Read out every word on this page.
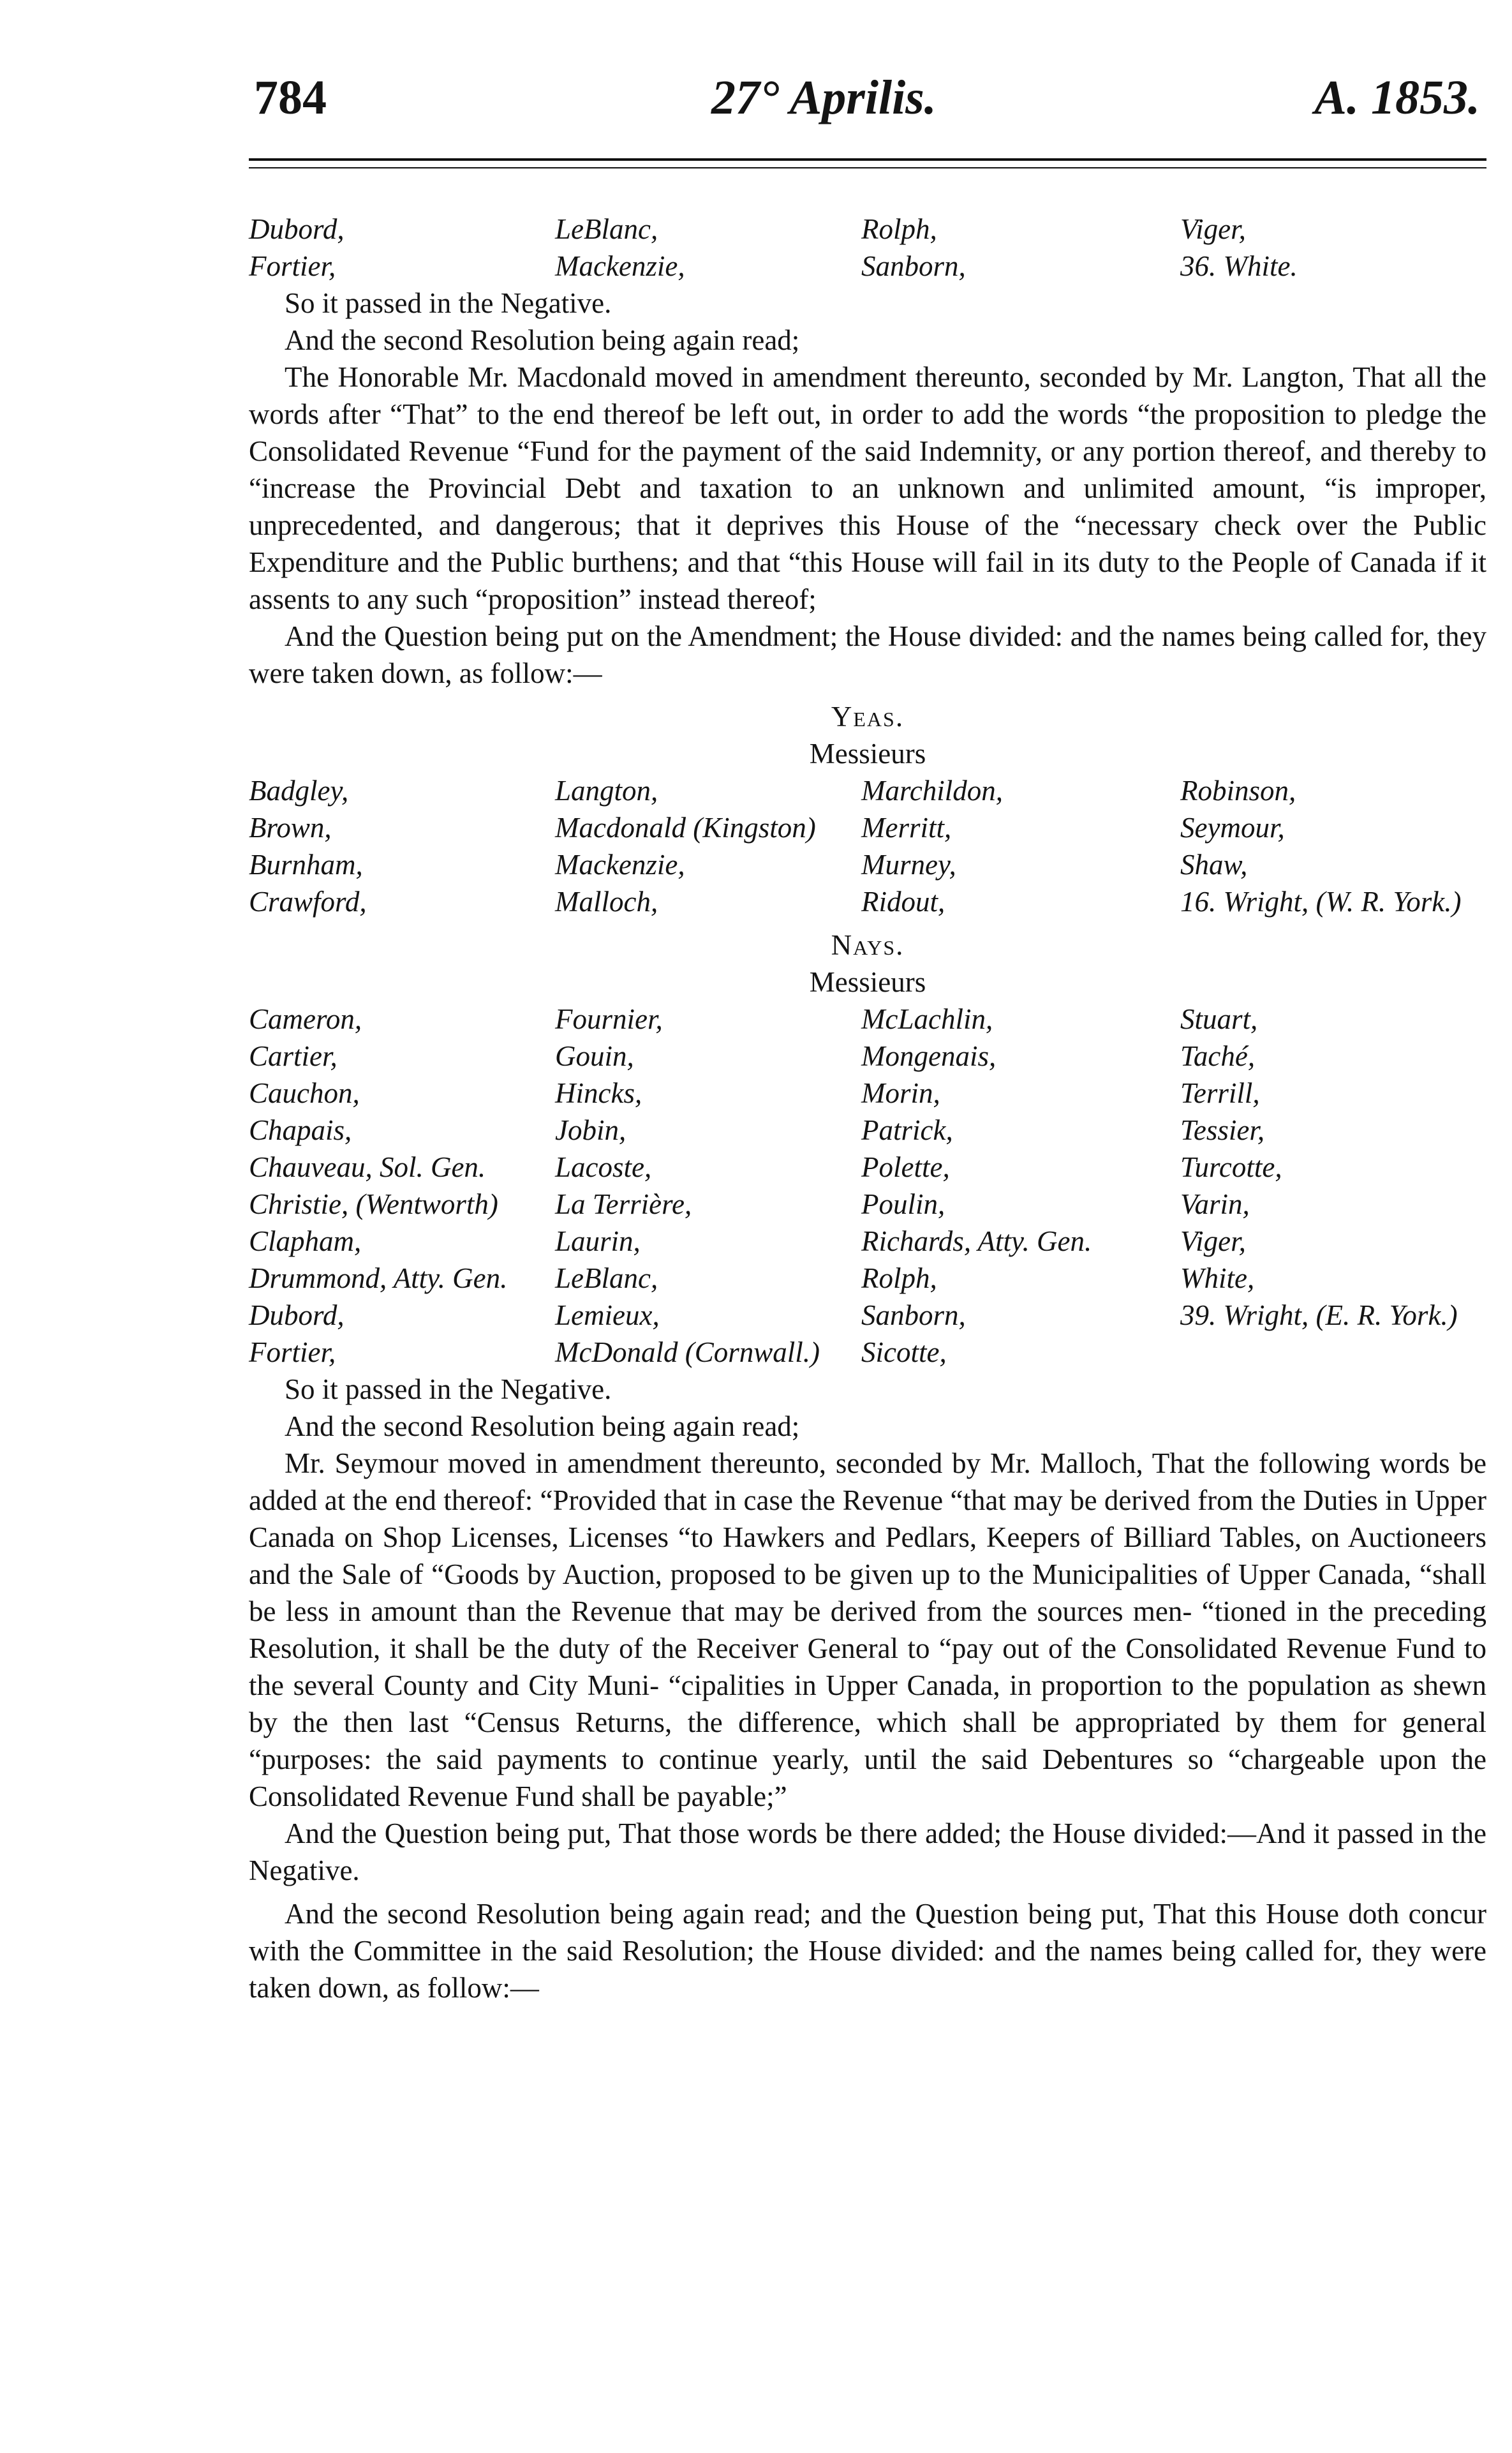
784	27° Aprilis.	A. 1853.
Dubord,	LeBlanc,	Rolph,	Viger,
Fortier,	Mackenzie,	Sanborn,	36. White.

So it passed in the Negative.

And the second Resolution being again read;

The Honorable Mr. Macdonald moved in amendment thereunto, seconded by Mr. Langton, That all the words after “That” to the end thereof be left out, in order to add the words “the proposition to pledge the Consolidated Revenue “Fund for the payment of the said Indemnity, or any portion thereof, and thereby to “increase the Provincial Debt and taxation to an unknown and unlimited amount, “is improper, unprecedented, and dangerous; that it deprives this House of the “necessary check over the Public Expenditure and the Public burthens; and that “this House will fail in its duty to the People of Canada if it assents to any such “proposition” instead thereof;

And the Question being put on the Amendment; the House divided: and the names being called for, they were taken down, as follow:—

Yeas.

Messieurs

Badgley,	Langton,	Marchildon,	Robinson,
Brown,	Macdonald (Kingston)	Merritt,	Seymour,
Burnham,	Mackenzie,	Murney,	Shaw,
Crawford,	Malloch,	Ridout,	16. Wright, (W. R. York.)

Nays.

Messieurs

Cameron,	Fournier,	McLachlin,	Stuart,
Cartier,	Gouin,	Mongenais,	Taché,
Cauchon,	Hincks,	Morin,	Terrill,
Chapais,	Jobin,	Patrick,	Tessier,
Chauveau, Sol. Gen.	Lacoste,	Polette,	Turcotte,
Christie, (Wentworth)	La Terrière,	Poulin,	Varin,
Clapham,	Laurin,	Richards, Atty. Gen.	Viger,
Drummond, Atty. Gen.	LeBlanc,	Rolph,	White,
Dubord,	Lemieux,	Sanborn,	39. Wright, (E. R. York.)
Fortier,	McDonald (Cornwall.)	Sicotte,

So it passed in the Negative.

And the second Resolution being again read;

Mr. Seymour moved in amendment thereunto, seconded by Mr. Malloch, That the following words be added at the end thereof: “Provided that in case the Revenue “that may be derived from the Duties in Upper Canada on Shop Licenses, Licenses “to Hawkers and Pedlars, Keepers of Billiard Tables, on Auctioneers and the Sale of “Goods by Auction, proposed to be given up to the Municipalities of Upper Canada, “shall be less in amount than the Revenue that may be derived from the sources men- “tioned in the preceding Resolution, it shall be the duty of the Receiver General to “pay out of the Consolidated Revenue Fund to the several County and City Muni- “cipalities in Upper Canada, in proportion to the population as shewn by the then last “Census Returns, the difference, which shall be appropriated by them for general “purposes: the said payments to continue yearly, until the said Debentures so “chargeable upon the Consolidated Revenue Fund shall be payable;”

And the Question being put, That those words be there added; the House divided:—And it passed in the Negative.

And the second Resolution being again read; and the Question being put, That this House doth concur with the Committee in the said Resolution; the House divided: and the names being called for, they were taken down, as follow:—
